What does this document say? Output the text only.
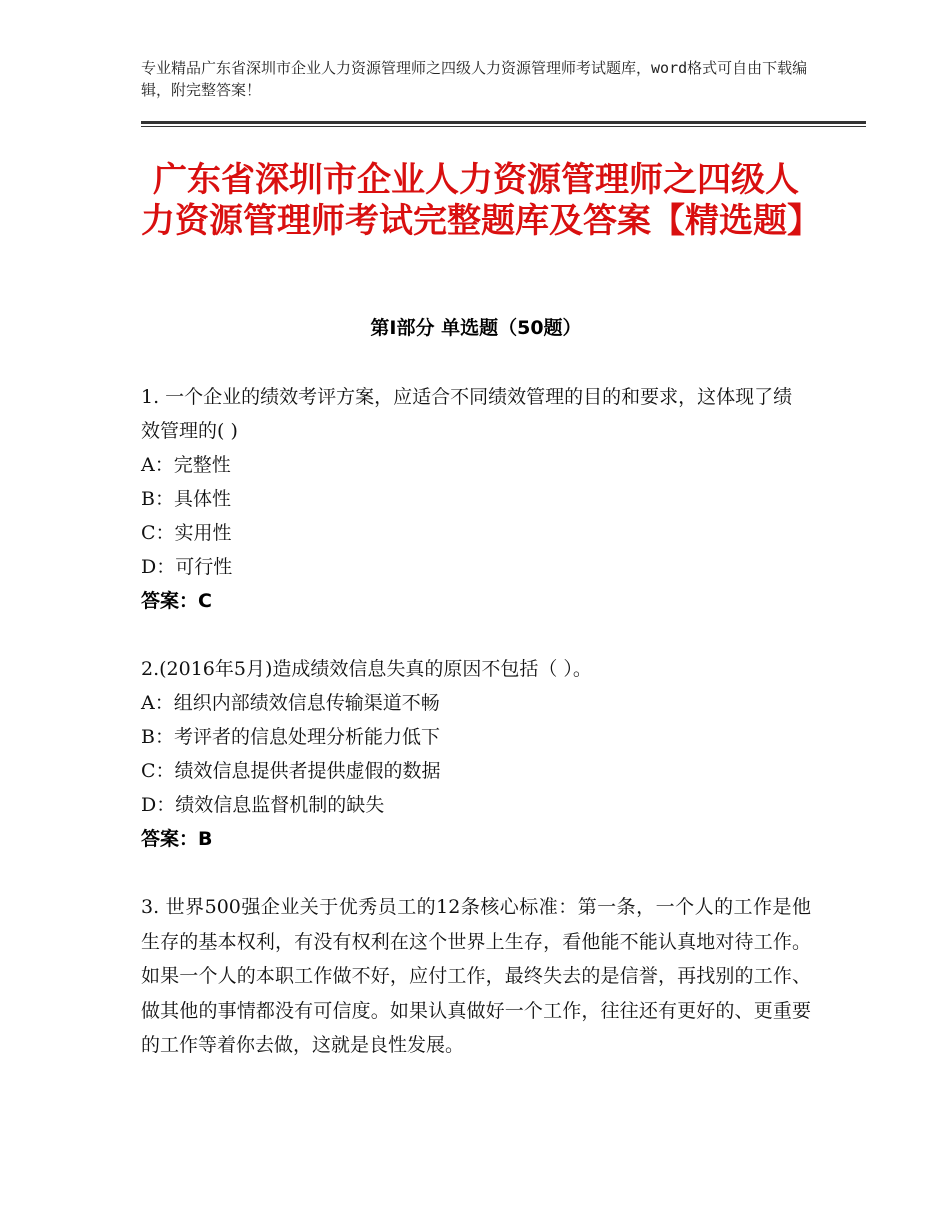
专业精品广东省深圳市企业人力资源管理师之四级人力资源管理师考试题库，word格式可自由下载编辑，附完整答案！
广东省深圳市企业人力资源管理师之四级人力资源管理师考试完整题库及答案【精选题】
第Ⅰ部分 单选题（50题）

1. 一个企业的绩效考评方案，应适合不同绩效管理的目的和要求，这体现了绩效管理的( )

A：完整性

B：具体性

C：实用性

D：可行性

答案：C

2.(2016年5月)造成绩效信息失真的原因不包括（ ）。

A：组织内部绩效信息传输渠道不畅

B：考评者的信息处理分析能力低下

C：绩效信息提供者提供虚假的数据

D：绩效信息监督机制的缺失

答案：B

3. 世界500强企业关于优秀员工的12条核心标准：第一条，一个人的工作是他生存的基本权利，有没有权利在这个世界上生存，看他能不能认真地对待工作。如果一个人的本职工作做不好，应付工作，最终失去的是信誉，再找别的工作、做其他的事情都没有可信度。如果认真做好一个工作，往往还有更好的、更重要的工作等着你去做，这就是良性发展。
